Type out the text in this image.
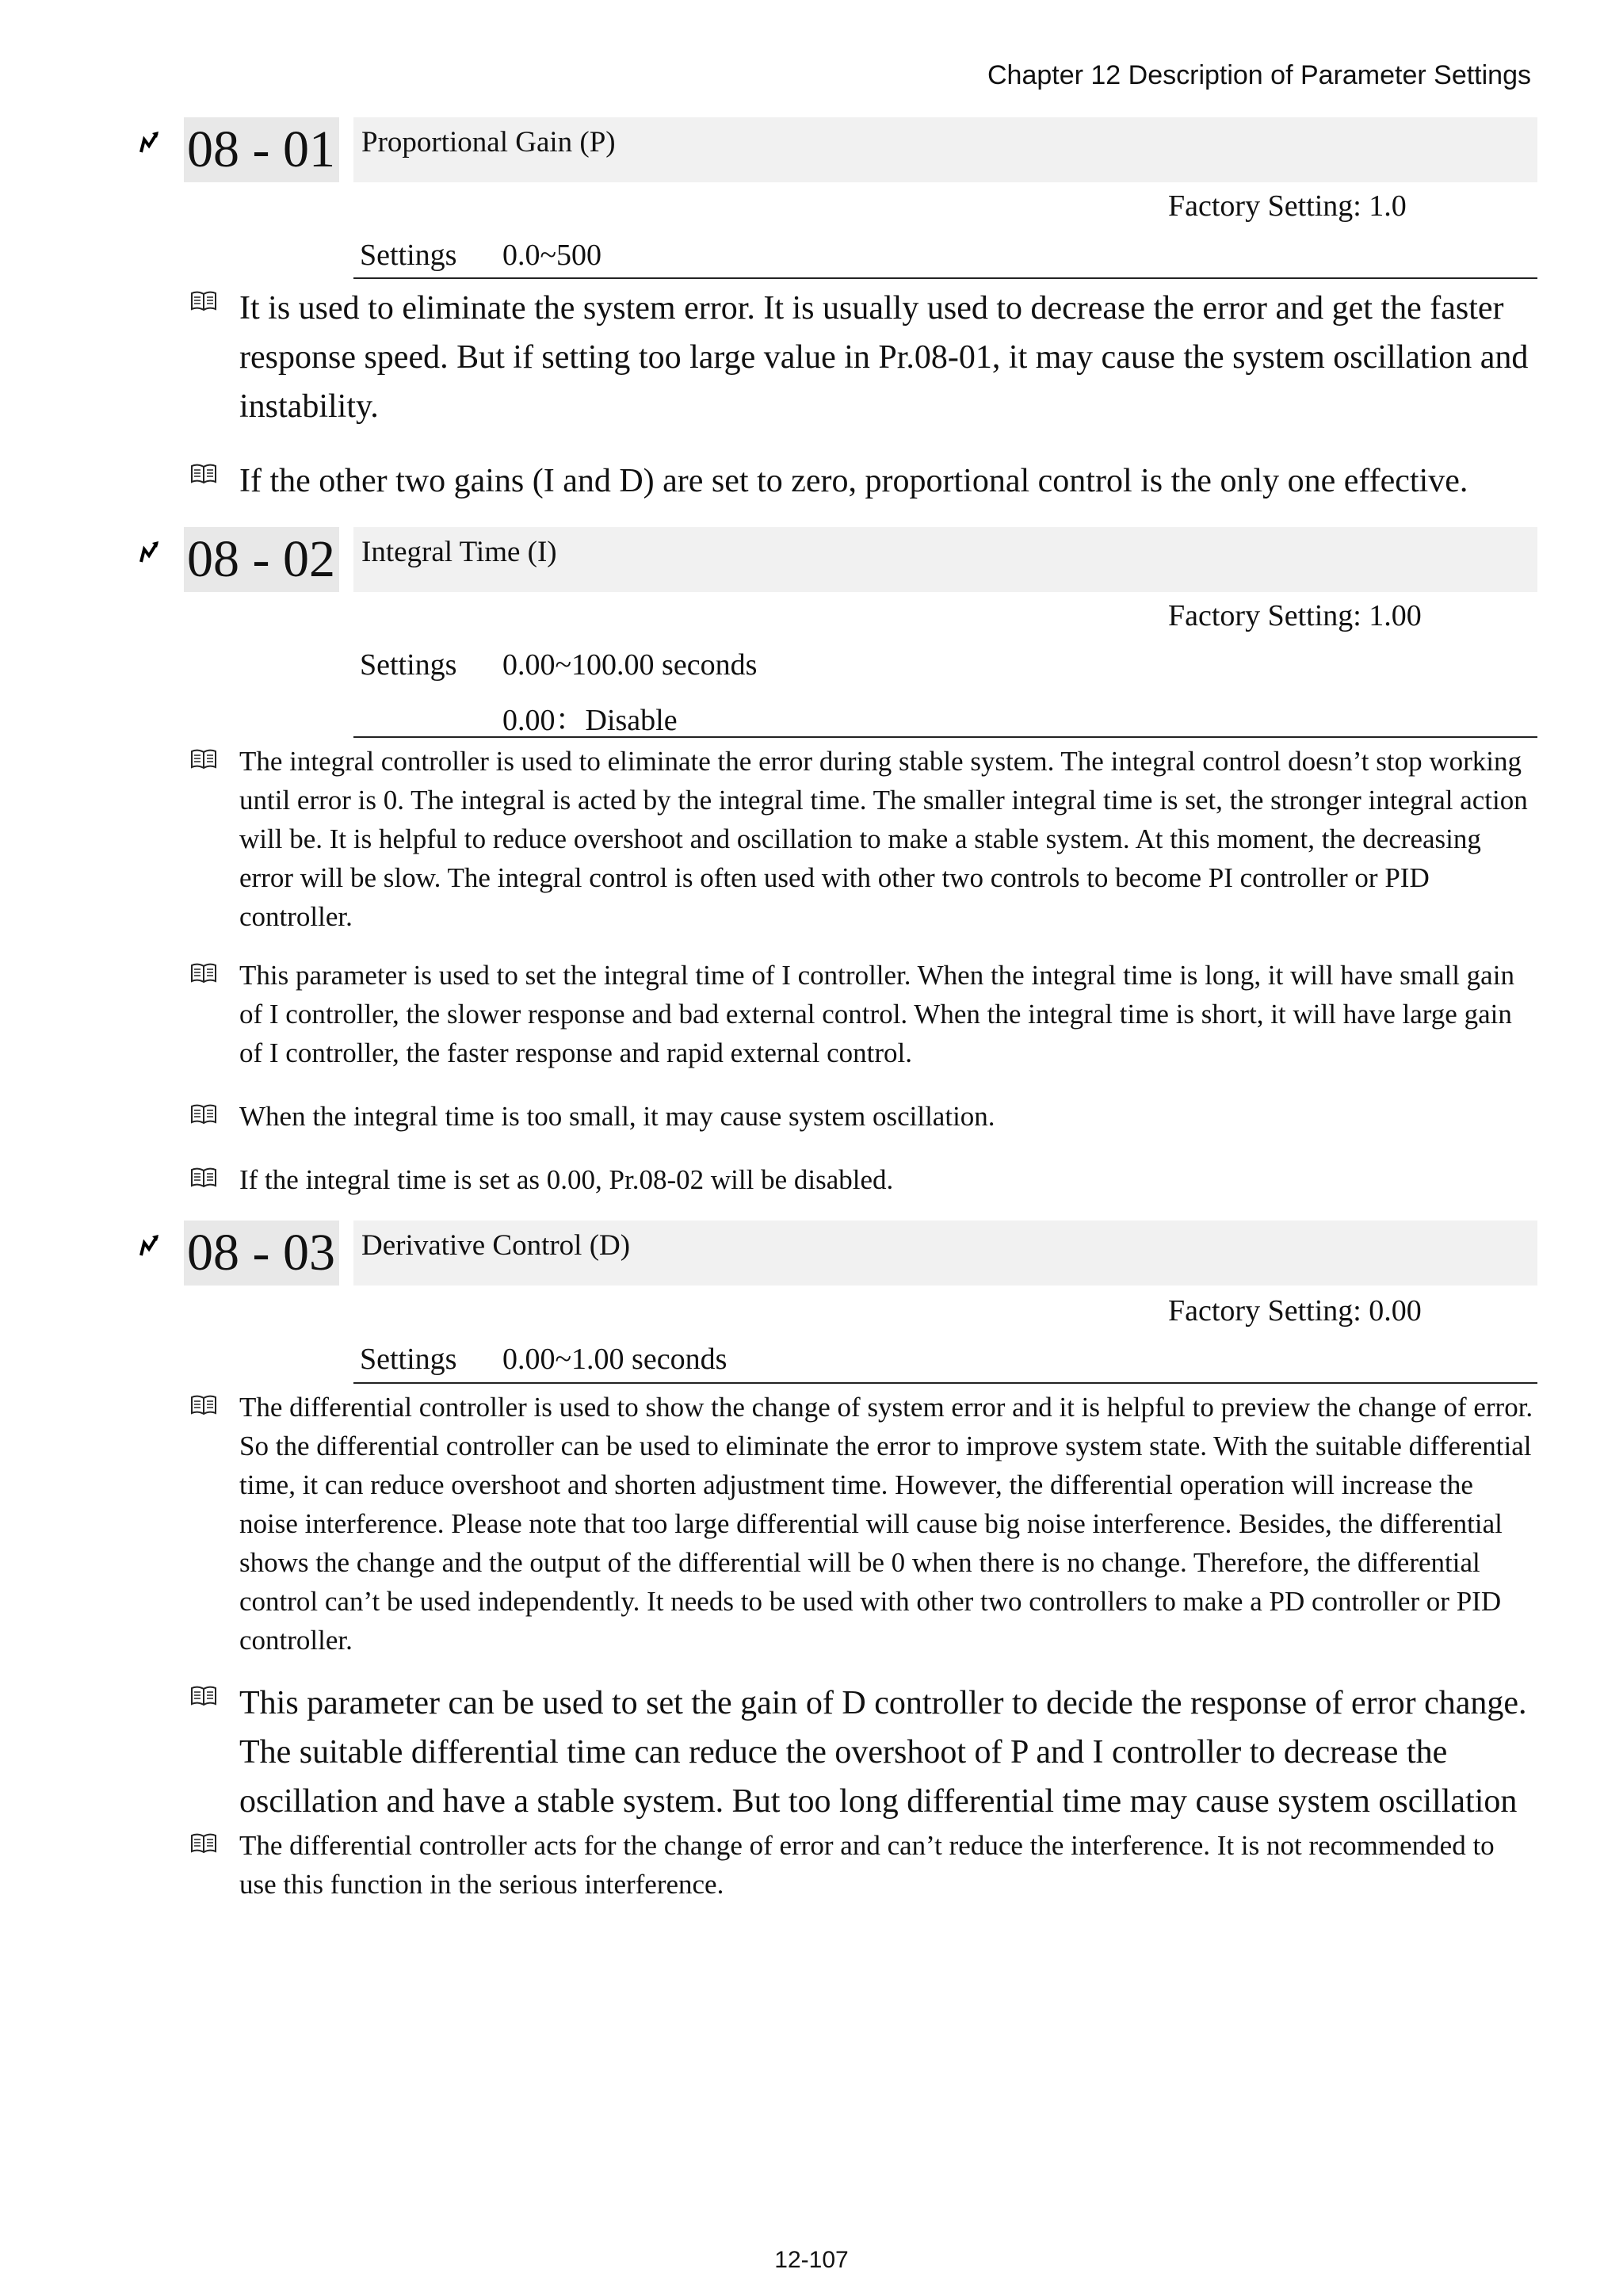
Chapter 12 Description of Parameter Settings
08 - 01 Proportional Gain (P)
Factory Setting: 1.0
Settings 0.0~500
It is used to eliminate the system error. It is usually used to decrease the error and get the faster response speed. But if setting too large value in Pr.08-01, it may cause the system oscillation and instability.
If the other two gains (I and D) are set to zero, proportional control is the only one effective.
08 - 02 Integral Time (I)
Factory Setting: 1.00
Settings 0.00~100.00 seconds
0.00：Disable
The integral controller is used to eliminate the error during stable system. The integral control doesn’t stop working until error is 0. The integral is acted by the integral time. The smaller integral time is set, the stronger integral action will be. It is helpful to reduce overshoot and oscillation to make a stable system. At this moment, the decreasing error will be slow. The integral control is often used with other two controls to become PI controller or PID controller.
This parameter is used to set the integral time of I controller. When the integral time is long, it will have small gain of I controller, the slower response and bad external control. When the integral time is short, it will have large gain of I controller, the faster response and rapid external control.
When the integral time is too small, it may cause system oscillation.
If the integral time is set as 0.00, Pr.08-02 will be disabled.
08 - 03 Derivative Control (D)
Factory Setting: 0.00
Settings 0.00~1.00 seconds
The differential controller is used to show the change of system error and it is helpful to preview the change of error. So the differential controller can be used to eliminate the error to improve system state. With the suitable differential time, it can reduce overshoot and shorten adjustment time. However, the differential operation will increase the noise interference. Please note that too large differential will cause big noise interference. Besides, the differential shows the change and the output of the differential will be 0 when there is no change. Therefore, the differential control can’t be used independently. It needs to be used with other two controllers to make a PD controller or PID controller.
This parameter can be used to set the gain of D controller to decide the response of error change. The suitable differential time can reduce the overshoot of P and I controller to decrease the oscillation and have a stable system. But too long differential time may cause system oscillation
The differential controller acts for the change of error and can’t reduce the interference. It is not recommended to use this function in the serious interference.
12-107
